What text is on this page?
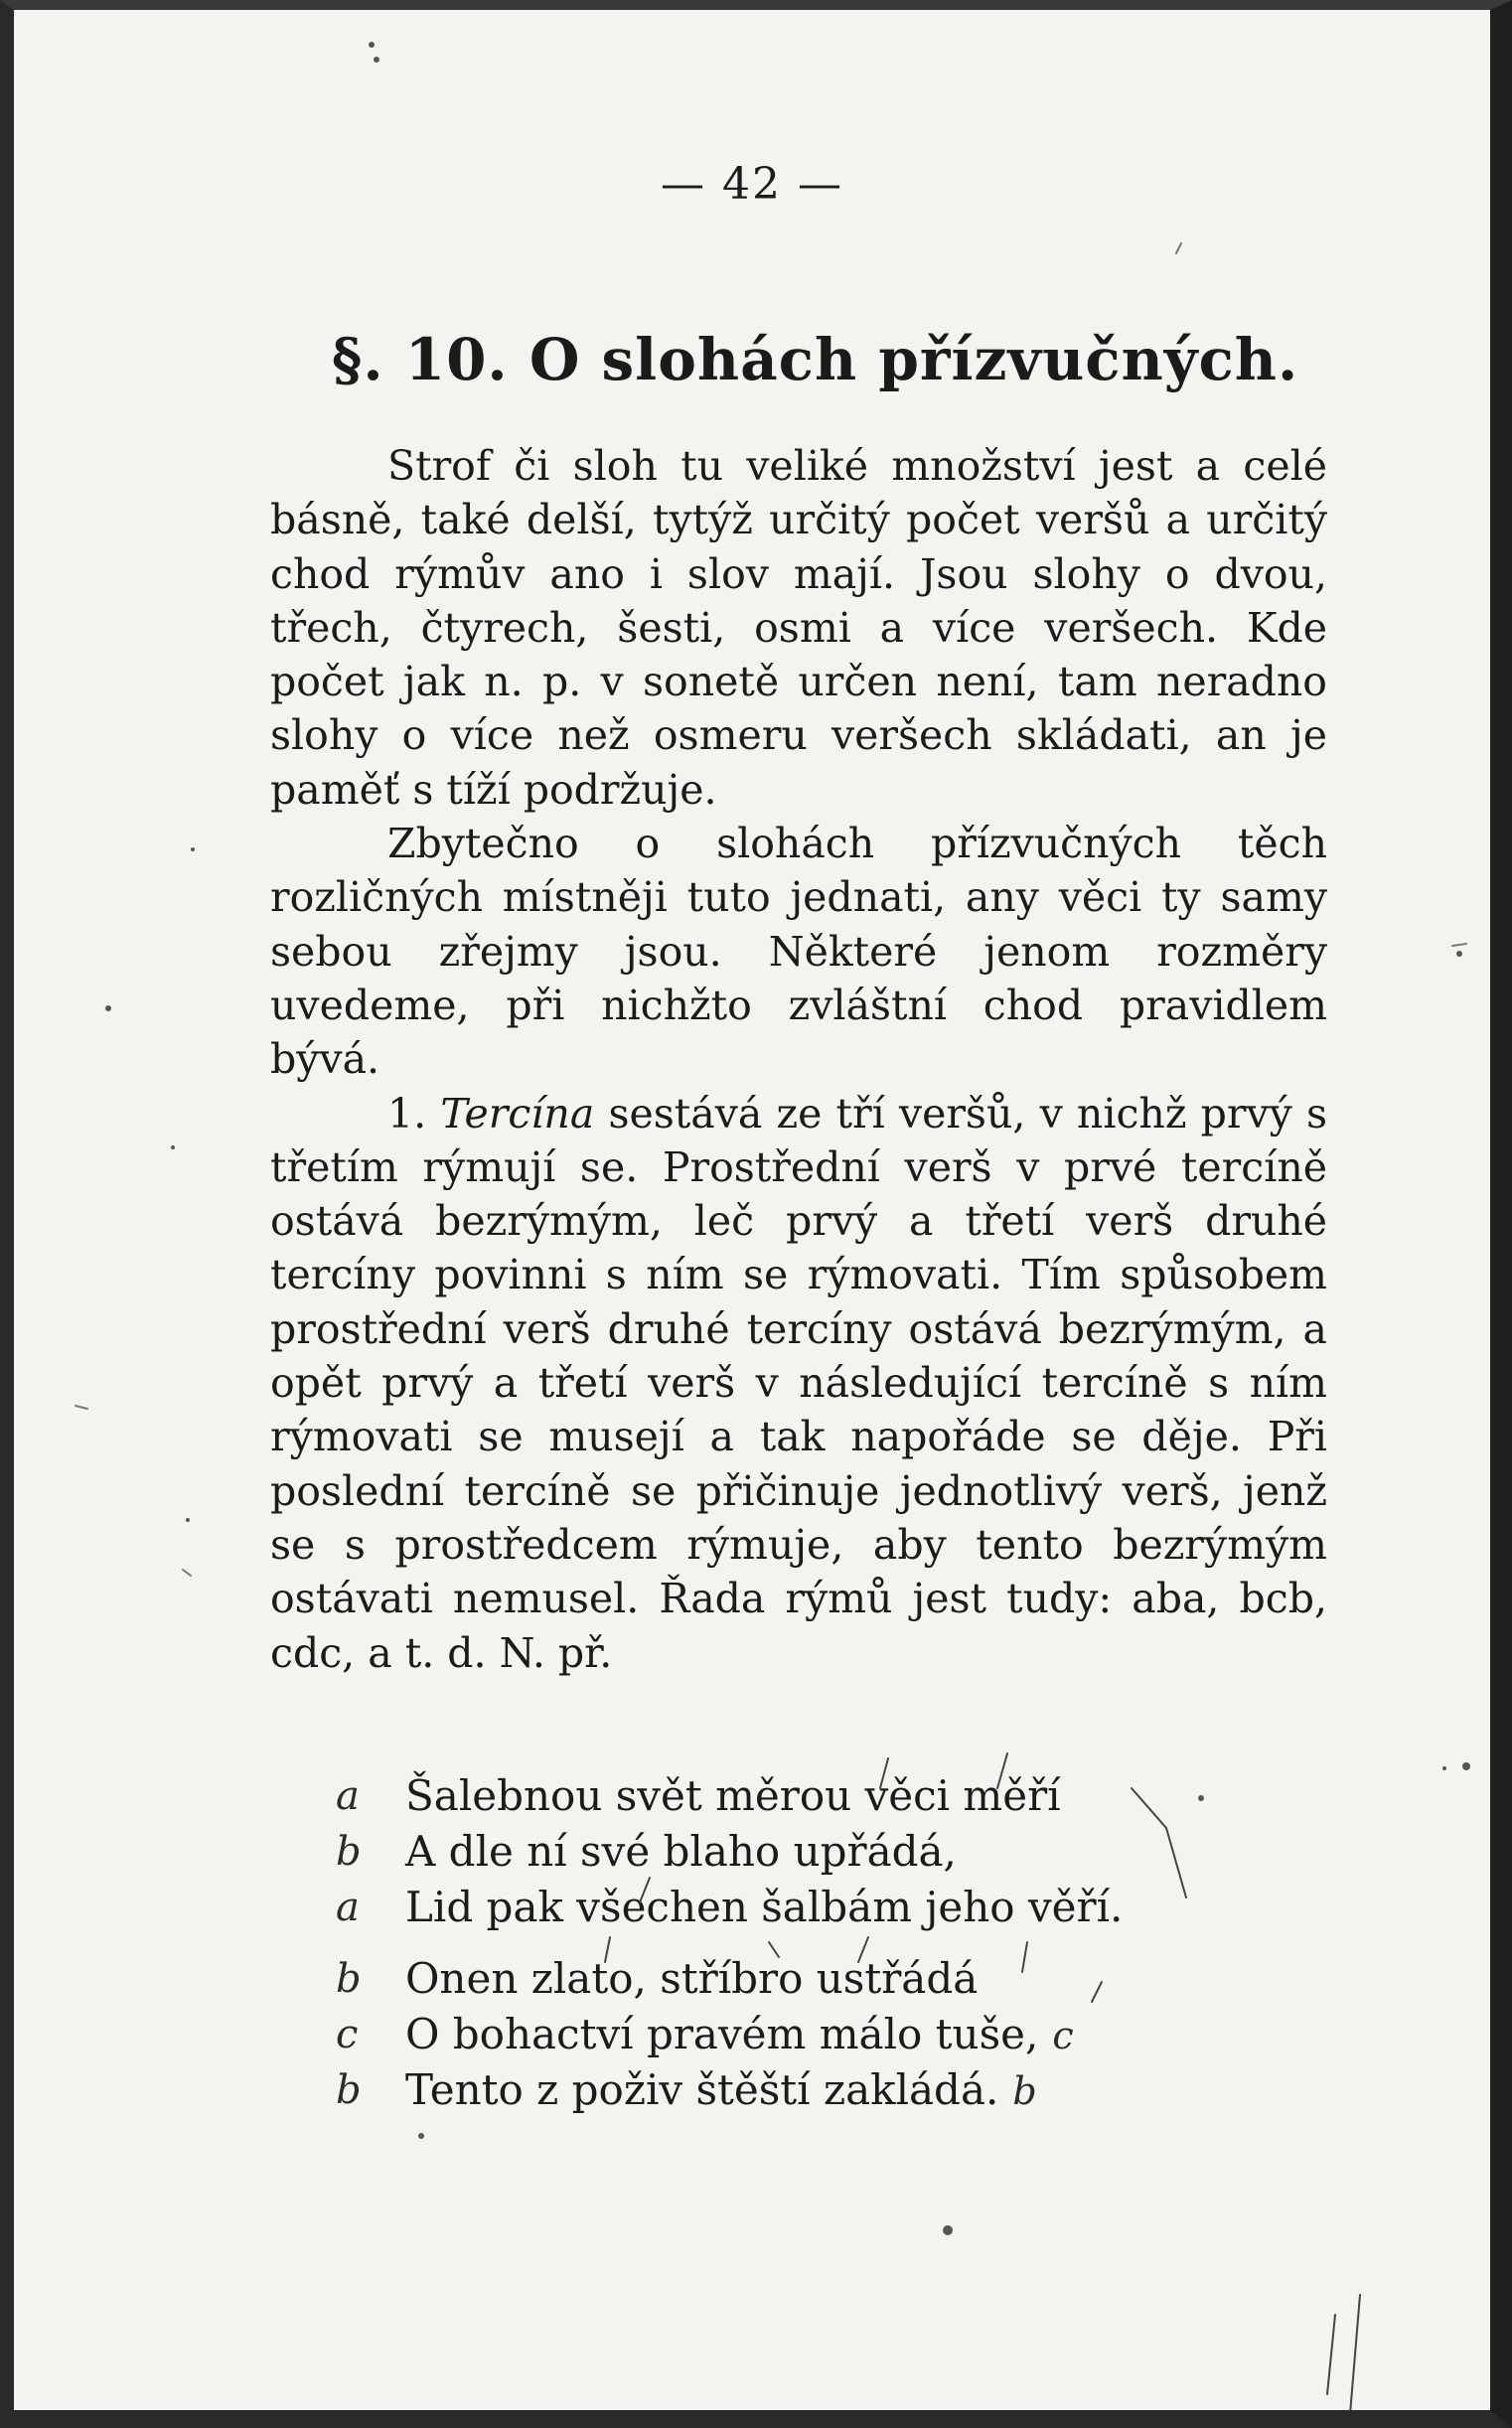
— 42 —
§. 10. O slohách přízvučných.

Strof či sloh tu veliké množství jest a celé básně, také delší, tytýž určitý počet veršů a určitý chod rýmův ano i slov mají. Jsou slohy o dvou, třech, čtyrech, šesti, osmi a více veršech. Kde počet jak n. p. v sonetě určen není, tam neradno slohy o více než osmeru veršech skládati, an je paměť s tíží podržuje.

Zbytečno o slohách přízvučných těch rozličných místněji tuto jednati, any věci ty samy sebou zřejmy jsou. Některé jenom rozměry uvedeme, při nichžto zvláštní chod pravidlem bývá.

1. Tercína sestává ze tří veršů, v nichž prvý s třetím rýmují se. Prostřední verš v prvé tercíně ostává bezrýmým, leč prvý a třetí verš druhé tercíny povinni s ním se rýmovati. Tím spůsobem prostřední verš druhé tercíny ostává bezrýmým, a opět prvý a třetí verš v následující tercíně s ním rýmovati se musejí a tak napořáde se děje. Při poslední tercíně se přičinuje jednotlivý verš, jenž se s prostředcem rýmuje, aby tento bezrýmým ostávati nemusel. Řada rýmů jest tudy: aba, bcb, cdc, a t. d. N. př.

a	Šalebnou svět měrou věci měří
b	A dle ní své blaho upřádá,
a	Lid pak všechen šalbám jeho věří.
b	Onen zlato, stříbro ustřádá
c	O bohactví pravém málo tuše, c
b	Tento z poživ štěští zakládá. b
